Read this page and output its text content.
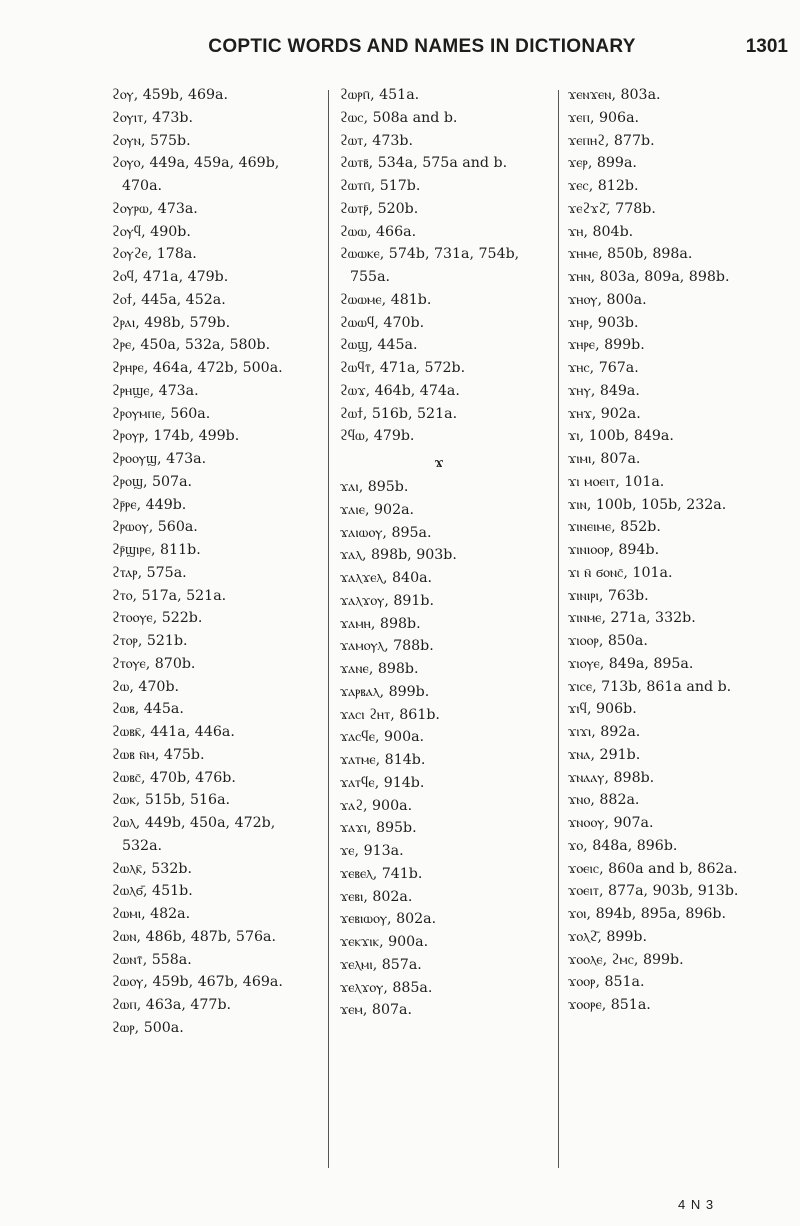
COPTIC WORDS AND NAMES IN DICTIONARY	1301
ϩⲟⲩ, 459b, 469a.
ϩⲟⲩⲓⲧ, 473b.
ϩⲟⲩⲛ, 575b.
ϩⲟⲩⲟ, 449a, 459a, 469b, 470a.
ϩⲟⲩⲣⲱ, 473a.
ϩⲟⲩϥ, 490b.
ϩⲟⲩϩⲉ, 178a.
ϩⲟϥ, 471a, 479b.
ϩⲟϯ, 445a, 452a.
ϩⲣⲁⲓ, 498b, 579b.
ϩⲣⲉ, 450a, 532a, 580b.
ϩⲣⲏⲣⲉ, 464a, 472b, 500a.
ϩⲣⲏϣⲉ, 473a.
ϩⲣⲟⲩⲙⲡⲉ, 560a.
ϩⲣⲟⲩⲣ, 174b, 499b.
ϩⲣⲟⲟⲩϣ, 473a.
ϩⲣⲟϣ, 507a.
ϩⲣ̄ⲣⲉ, 449b.
ϩⲣⲱⲟⲩ, 560a.
ϩⲣ̄ϣⲓⲣⲉ, 811b.
ϩⲧⲁⲣ, 575a.
ϩⲧⲟ, 517a, 521a.
ϩⲧⲟⲟⲩⲉ, 522b.
ϩⲧⲟⲣ, 521b.
ϩⲧⲟⲩⲉ, 870b.
ϩⲱ, 470b.
ϩⲱⲃ, 445a.
ϩⲱⲃⲕ̄, 441a, 446a.
ϩⲱⲃ ⲛ̄ⲙ, 475b.
ϩⲱⲃⲥ̄, 470b, 476b.
ϩⲱⲕ, 515b, 516a.
ϩⲱⲗ, 449b, 450a, 472b, 532a.
ϩⲱⲗⲕ̄, 532b.
ϩⲱⲗϭ̄, 451b.
ϩⲱⲙⲓ, 482a.
ϩⲱⲛ, 486b, 487b, 576a.
ϩⲱⲛⲧ̄, 558a.
ϩⲱⲟⲩ, 459b, 467b, 469a.
ϩⲱⲡ, 463a, 477b.
ϩⲱⲣ, 500a.
ϩⲱⲣⲡ̄, 451a.
ϩⲱⲥ, 508a and b.
ϩⲱⲧ, 473b.
ϩⲱⲧⲃ̄, 534a, 575a and b.
ϩⲱⲧⲡ̄, 517b.
ϩⲱⲧⲣ̄, 520b.
ϩⲱⲱ, 466a.
ϩⲱⲱⲕⲉ, 574b, 731a, 754b, 755a.
ϩⲱⲱⲙⲉ, 481b.
ϩⲱⲱϥ, 470b.
ϩⲱϣ, 445a.
ϩⲱϥⲧ̄, 471a, 572b.
ϩⲱϫ, 464b, 474a.
ϩⲱϯ, 516b, 521a.
ϩϥⲱ, 479b.
ϫ
ϫⲁⲓ, 895b.
ϫⲁⲓⲉ, 902a.
ϫⲁⲓⲱⲟⲩ, 895a.
ϫⲁⲗ, 898b, 903b.
ϫⲁⲗϫⲉⲗ, 840a.
ϫⲁⲗϫⲟⲩ, 891b.
ϫⲁⲙⲏ, 898b.
ϫⲁⲙⲟⲩⲗ, 788b.
ϫⲁⲛⲉ, 898b.
ϫⲁⲣⲃⲁⲗ, 899b.
ϫⲁⲥⲓ ϩⲏⲧ, 861b.
ϫⲁⲥϥⲉ, 900a.
ϫⲁⲧⲙⲉ, 814b.
ϫⲁⲧϥⲉ, 914b.
ϫⲁϩ, 900a.
ϫⲁϫⲓ, 895b.
ϫⲉ, 913a.
ϫⲉⲃⲉⲗ, 741b.
ϫⲉⲃⲓ, 802a.
ϫⲉⲃⲓⲱⲟⲩ, 802a.
ϫⲉⲕϫⲓⲕ, 900a.
ϫⲉⲗⲙⲓ, 857a.
ϫⲉⲗϫⲟⲩ, 885a.
ϫⲉⲙ, 807a.
ϫⲉⲛϫⲉⲛ, 803a.
ϫⲉⲡ, 906a.
ϫⲉⲡⲏϩ, 877b.
ϫⲉⲣ, 899a.
ϫⲉⲥ, 812b.
ϫⲉϩϫϩ̄, 778b.
ϫⲏ, 804b.
ϫⲏⲙⲉ, 850b, 898a.
ϫⲏⲛ, 803a, 809a, 898b.
ϫⲏⲟⲩ, 800a.
ϫⲏⲣ, 903b.
ϫⲏⲣⲉ, 899b.
ϫⲏⲥ, 767a.
ϫⲏⲩ, 849a.
ϫⲏϫ, 902a.
ϫⲓ, 100b, 849a.
ϫⲓⲙⲓ, 807a.
ϫⲓ ⲙⲟⲉⲓⲧ, 101a.
ϫⲓⲛ, 100b, 105b, 232a.
ϫⲓⲛⲉⲓⲙⲉ, 852b.
ϫⲓⲛⲓⲟⲟⲣ, 894b.
ϫⲓ ⲛ̄ ϭⲟⲛⲥ̄, 101a.
ϫⲓⲛⲓⲣⲓ, 763b.
ϫⲓⲛⲙⲉ, 271a, 332b.
ϫⲓⲟⲟⲣ, 850a.
ϫⲓⲟⲩⲉ, 849a, 895a.
ϫⲓⲥⲉ, 713b, 861a and b.
ϫⲓϥ, 906b.
ϫⲓϫⲓ, 892a.
ϫⲛⲁ, 291b.
ϫⲛⲁⲁⲩ, 898b.
ϫⲛⲟ, 882a.
ϫⲛⲟⲟⲩ, 907a.
ϫⲟ, 848a, 896b.
ϫⲟⲉⲓⲥ, 860a and b, 862a.
ϫⲟⲉⲓⲧ, 877a, 903b, 913b.
ϫⲟⲓ, 894b, 895a, 896b.
ϫⲟⲗϩ̄, 899b.
ϫⲟⲟⲗⲉ, ϩⲙⲥ, 899b.
ϫⲟⲟⲣ, 851a.
ϫⲟⲟⲣⲉ, 851a.
4 N 3
